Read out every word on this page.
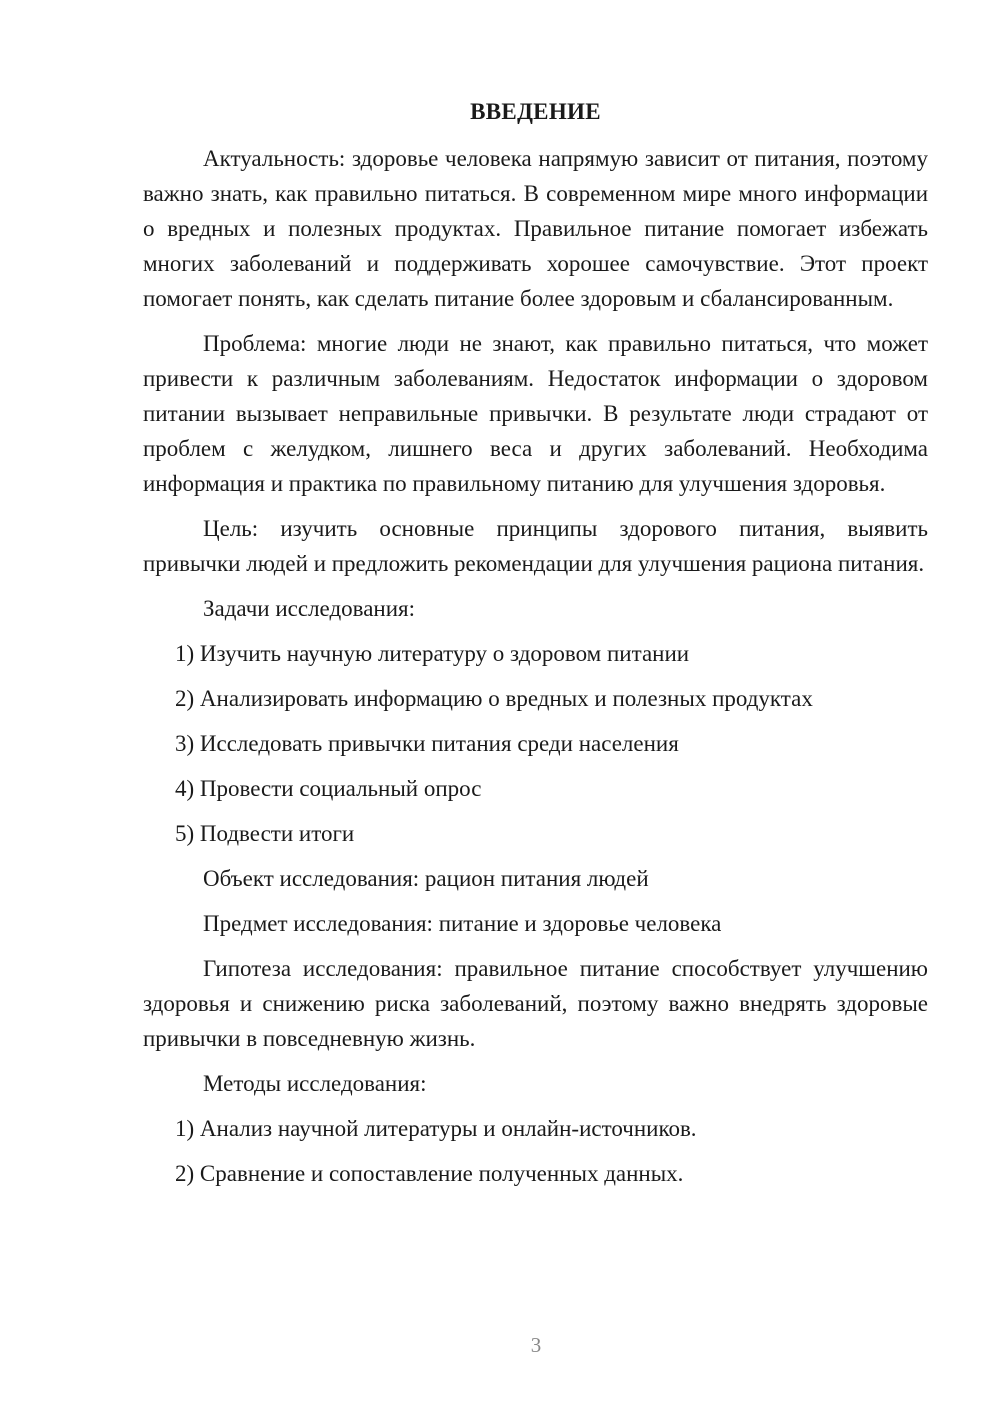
ВВЕДЕНИЕ
Актуальность: здоровье человека напрямую зависит от питания, поэтому важно знать, как правильно питаться. В современном мире много информации о вредных и полезных продуктах. Правильное питание помогает избежать многих заболеваний и поддерживать хорошее самочувствие. Этот проект помогает понять, как сделать питание более здоровым и сбалансированным.
Проблема: многие люди не знают, как правильно питаться, что может привести к различным заболеваниям. Недостаток информации о здоровом питании вызывает неправильные привычки. В результате люди страдают от проблем с желудком, лишнего веса и других заболеваний. Необходима информация и практика по правильному питанию для улучшения здоровья.
Цель: изучить основные принципы здорового питания, выявить привычки людей и предложить рекомендации для улучшения рациона питания.
Задачи исследования:
1) Изучить научную литературу о здоровом питании
2) Анализировать информацию о вредных и полезных продуктах
3) Исследовать привычки питания среди населения
4) Провести социальный опрос
5) Подвести итоги
Объект исследования: рацион питания людей
Предмет исследования: питание и здоровье человека
Гипотеза исследования: правильное питание способствует улучшению здоровья и снижению риска заболеваний, поэтому важно внедрять здоровые привычки в повседневную жизнь.
Методы исследования:
1) Анализ научной литературы и онлайн-источников.
2) Сравнение и сопоставление полученных данных.
3
